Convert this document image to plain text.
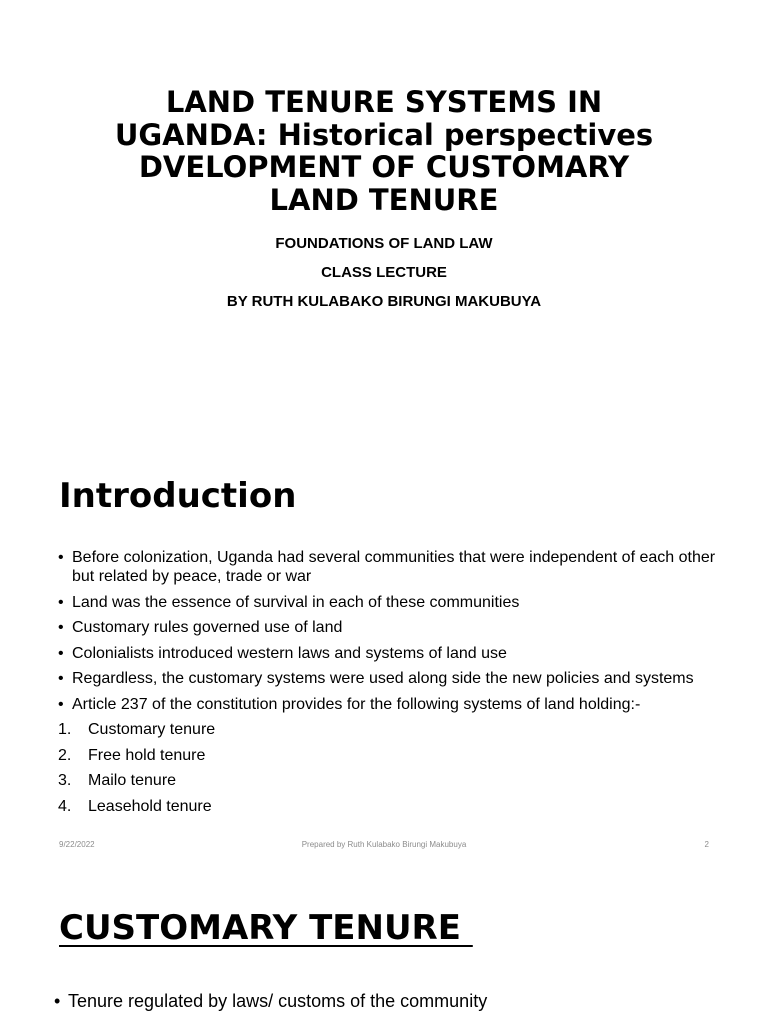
LAND TENURE SYSTEMS IN
UGANDA: Historical perspectives
DVELOPMENT OF CUSTOMARY
LAND TENURE
FOUNDATIONS OF LAND LAW
CLASS LECTURE
BY RUTH KULABAKO BIRUNGI MAKUBUYA
Introduction
• Before colonization, Uganda had several communities that were independent of each other but related by peace, trade or war
• Land was the essence of survival in each of these communities
• Customary rules governed use of land
• Colonialists introduced western laws and systems of land use
• Regardless, the customary systems were used along side the new policies and systems
• Article 237 of the constitution provides for the following systems of land holding:-
1. Customary tenure
2. Free hold tenure
3. Mailo tenure
4. Leasehold tenure
9/22/2022	Prepared by Ruth Kulabako Birungi Makubuya	2
CUSTOMARY TENURE
• Tenure regulated by laws/ customs of the community
